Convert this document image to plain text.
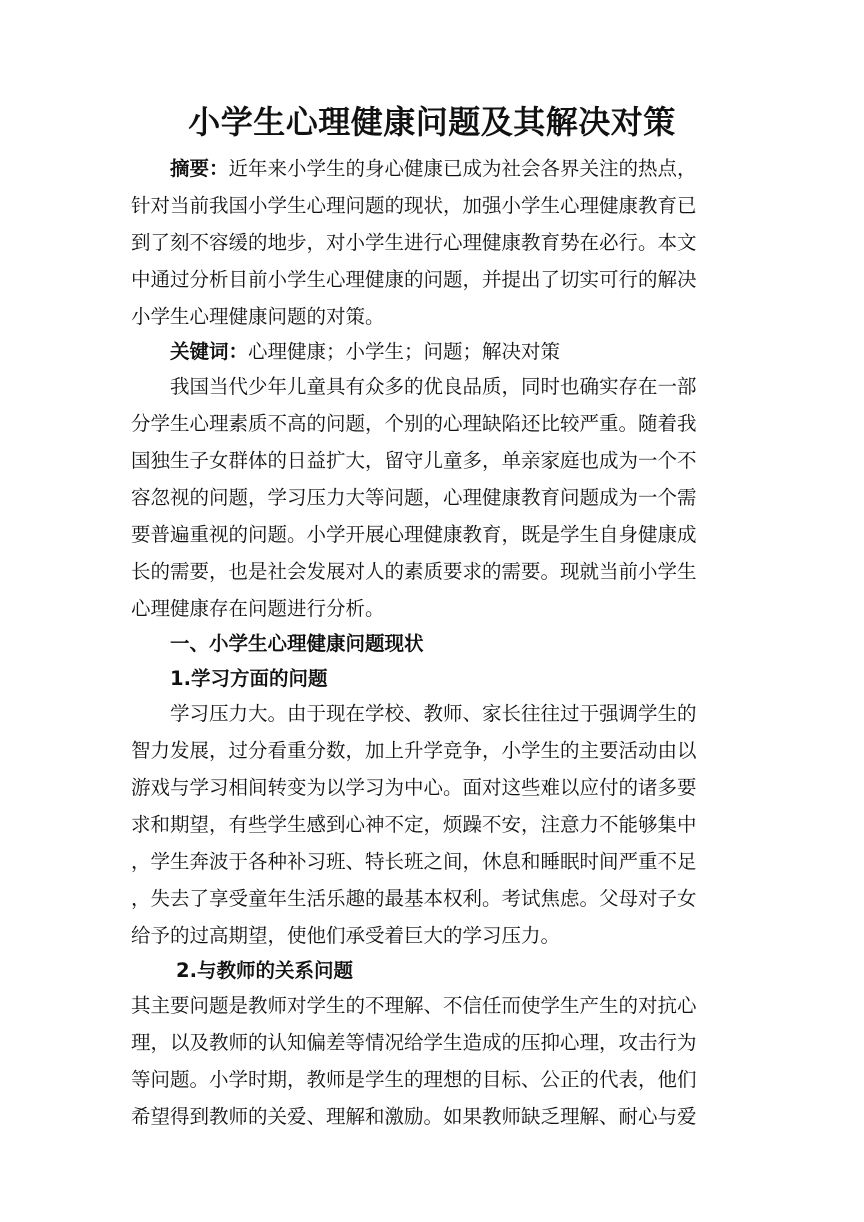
小学生心理健康问题及其解决对策
摘要：近年来小学生的身心健康已成为社会各界关注的热点，
针对当前我国小学生心理问题的现状，加强小学生心理健康教育已
到了刻不容缓的地步，对小学生进行心理健康教育势在必行。本文
中通过分析目前小学生心理健康的问题，并提出了切实可行的解决
小学生心理健康问题的对策。
关键词：心理健康；小学生；问题；解决对策
我国当代少年儿童具有众多的优良品质，同时也确实存在一部
分学生心理素质不高的问题，个别的心理缺陷还比较严重。随着我
国独生子女群体的日益扩大，留守儿童多，单亲家庭也成为一个不
容忽视的问题，学习压力大等问题，心理健康教育问题成为一个需
要普遍重视的问题。小学开展心理健康教育，既是学生自身健康成
长的需要，也是社会发展对人的素质要求的需要。现就当前小学生
心理健康存在问题进行分析。
一、小学生心理健康问题现状
1.学习方面的问题
学习压力大。由于现在学校、教师、家长往往过于强调学生的
智力发展，过分看重分数，加上升学竞争，小学生的主要活动由以
游戏与学习相间转变为以学习为中心。面对这些难以应付的诸多要
求和期望，有些学生感到心神不定，烦躁不安，注意力不能够集中
，学生奔波于各种补习班、特长班之间，休息和睡眠时间严重不足
，失去了享受童年生活乐趣的最基本权利。考试焦虑。父母对子女
给予的过高期望，使他们承受着巨大的学习压力。
2.与教师的关系问题
其主要问题是教师对学生的不理解、不信任而使学生产生的对抗心
理，以及教师的认知偏差等情况给学生造成的压抑心理，攻击行为
等问题。小学时期，教师是学生的理想的目标、公正的代表，他们
希望得到教师的关爱、理解和激励。如果教师缺乏理解、耐心与爱
